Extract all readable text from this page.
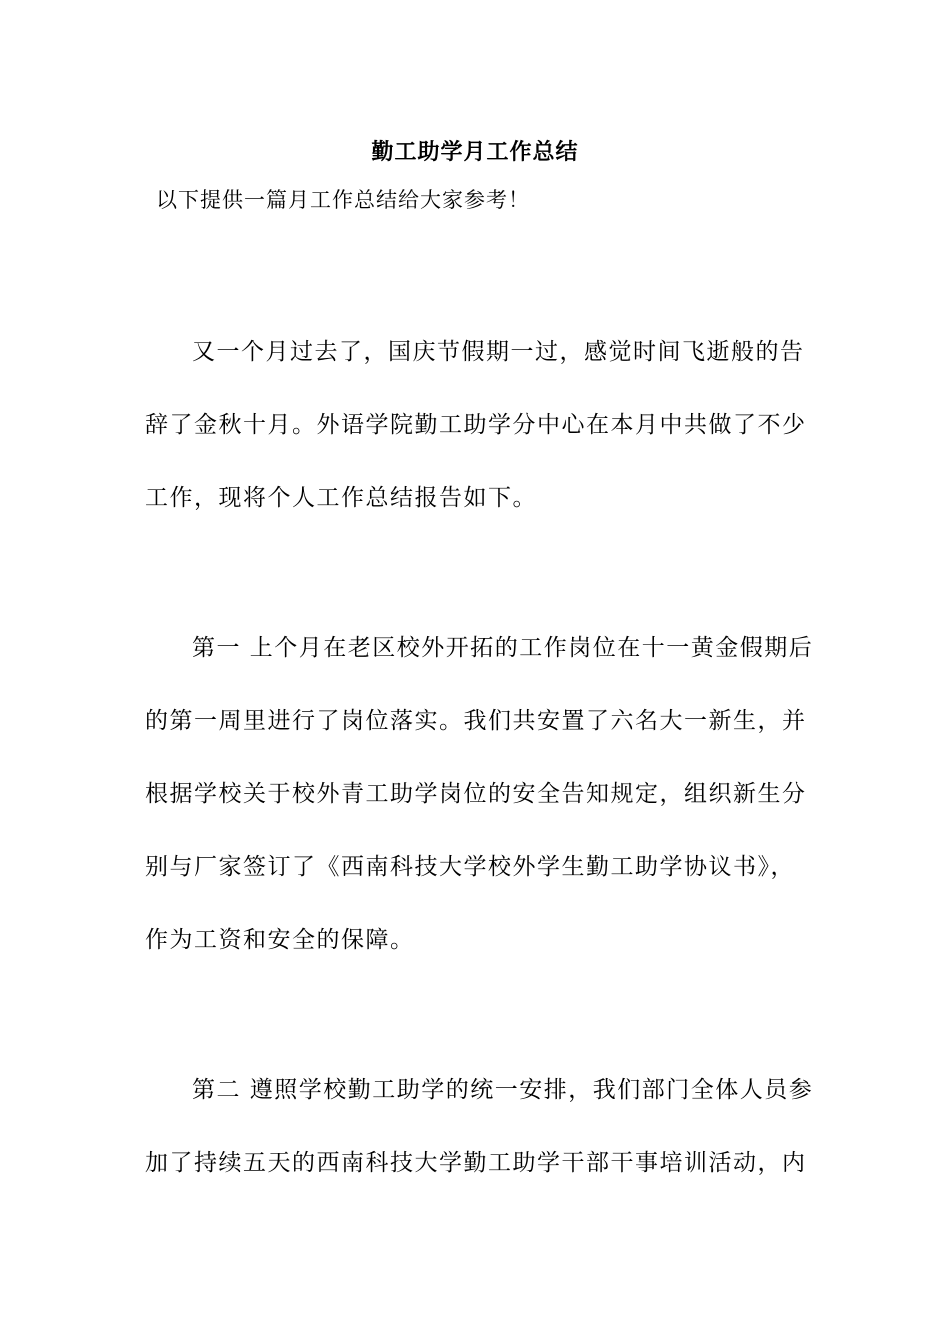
勤工助学月工作总结
以下提供一篇月工作总结给大家参考！
又一个月过去了，国庆节假期一过，感觉时间飞逝般的告
辞了金秋十月。外语学院勤工助学分中心在本月中共做了不少
工作，现将个人工作总结报告如下。
第一 上个月在老区校外开拓的工作岗位在十一黄金假期后
的第一周里进行了岗位落实。我们共安置了六名大一新生，并
根据学校关于校外青工助学岗位的安全告知规定，组织新生分
别与厂家签订了《西南科技大学校外学生勤工助学协议书》，
作为工资和安全的保障。
第二 遵照学校勤工助学的统一安排，我们部门全体人员参
加了持续五天的西南科技大学勤工助学干部干事培训活动，内
